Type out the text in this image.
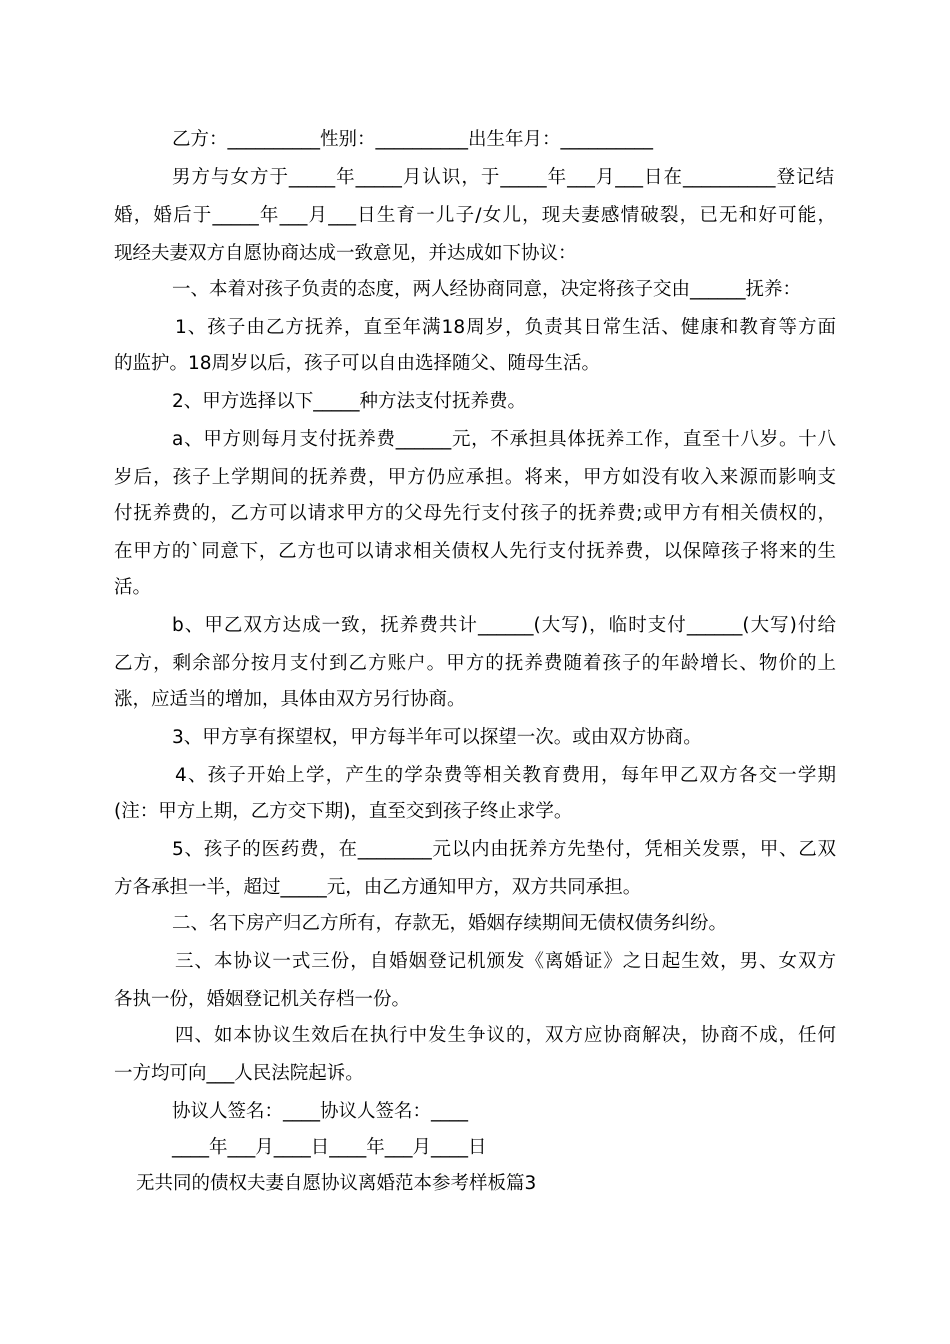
乙方：__________性别：__________出生年月：__________
男方与女方于_____年_____月认识，于_____年___月___日在__________登记结
婚，婚后于_____年___月___日生育一儿子/女儿，现夫妻感情破裂，已无和好可能，
现经夫妻双方自愿协商达成一致意见，并达成如下协议：
一、本着对孩子负责的态度，两人经协商同意，决定将孩子交由______抚养：
1、孩子由乙方抚养，直至年满18周岁，负责其日常生活、健康和教育等方面
的监护。18周岁以后，孩子可以自由选择随父、随母生活。
2、甲方选择以下_____种方法支付抚养费。
a、甲方则每月支付抚养费______元，不承担具体抚养工作，直至十八岁。十八
岁后，孩子上学期间的抚养费，甲方仍应承担。将来，甲方如没有收入来源而影响支
付抚养费的，乙方可以请求甲方的父母先行支付孩子的抚养费;或甲方有相关债权的，
在甲方的`同意下，乙方也可以请求相关债权人先行支付抚养费，以保障孩子将来的生
活。
b、甲乙双方达成一致，抚养费共计______(大写)，临时支付______(大写)付给
乙方，剩余部分按月支付到乙方账户。甲方的抚养费随着孩子的年龄增长、物价的上
涨，应适当的增加，具体由双方另行协商。
3、甲方享有探望权，甲方每半年可以探望一次。或由双方协商。
4、孩子开始上学，产生的学杂费等相关教育费用，每年甲乙双方各交一学期
(注：甲方上期，乙方交下期)，直至交到孩子终止求学。
5、孩子的医药费，在________元以内由抚养方先垫付，凭相关发票，甲、乙双
方各承担一半，超过_____元，由乙方通知甲方，双方共同承担。
二、名下房产归乙方所有，存款无，婚姻存续期间无债权债务纠纷。
三、本协议一式三份，自婚姻登记机颁发《离婚证》之日起生效，男、女双方
各执一份，婚姻登记机关存档一份。
四、如本协议生效后在执行中发生争议的，双方应协商解决，协商不成，任何
一方均可向___人民法院起诉。
协议人签名：____协议人签名：____
____年___月____日____年___月____日
无共同的债权夫妻自愿协议离婚范本参考样板篇3
